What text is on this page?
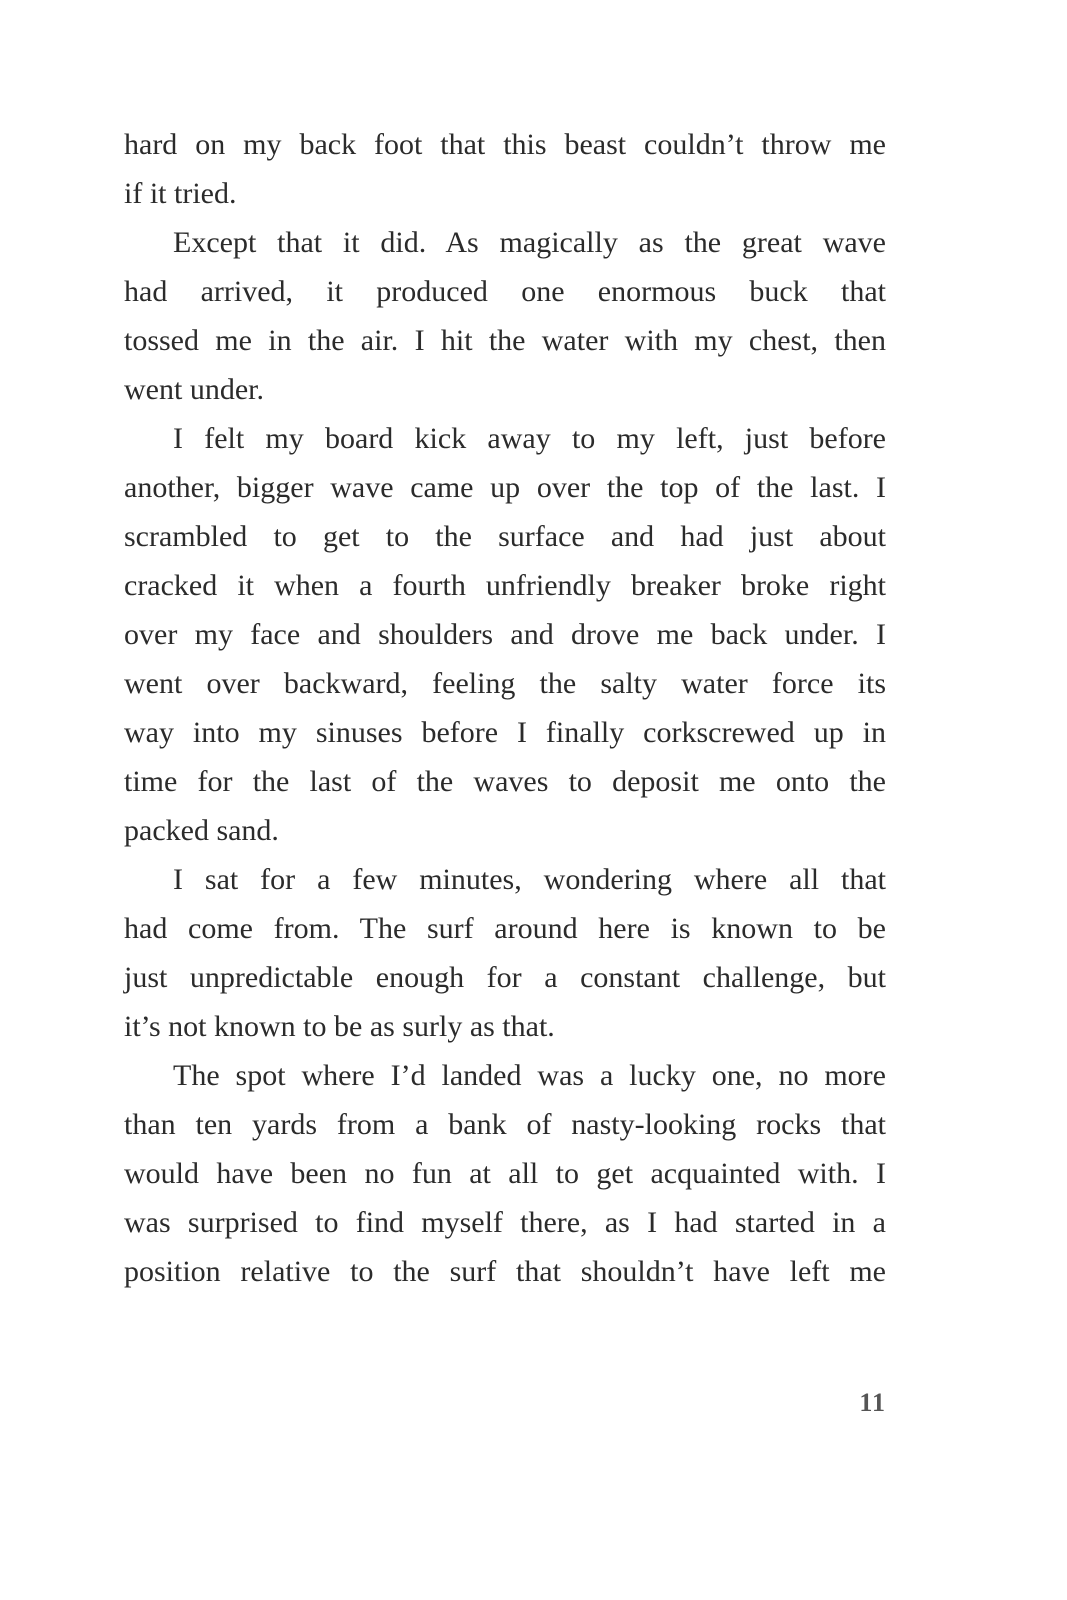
hard on my back foot that this beast couldn’t throw me
if it tried.
Except that it did. As magically as the great wave
had arrived, it produced one enormous buck that
tossed me in the air. I hit the water with my chest, then
went under.
I felt my board kick away to my left, just before
another, bigger wave came up over the top of the last. I
scrambled to get to the surface and had just about
cracked it when a fourth unfriendly breaker broke right
over my face and shoulders and drove me back under. I
went over backward, feeling the salty water force its
way into my sinuses before I finally corkscrewed up in
time for the last of the waves to deposit me onto the
packed sand.
I sat for a few minutes, wondering where all that
had come from. The surf around here is known to be
just unpredictable enough for a constant challenge, but
it’s not known to be as surly as that.
The spot where I’d landed was a lucky one, no more
than ten yards from a bank of nasty-looking rocks that
would have been no fun at all to get acquainted with. I
was surprised to find myself there, as I had started in a
position relative to the surf that shouldn’t have left me
11
